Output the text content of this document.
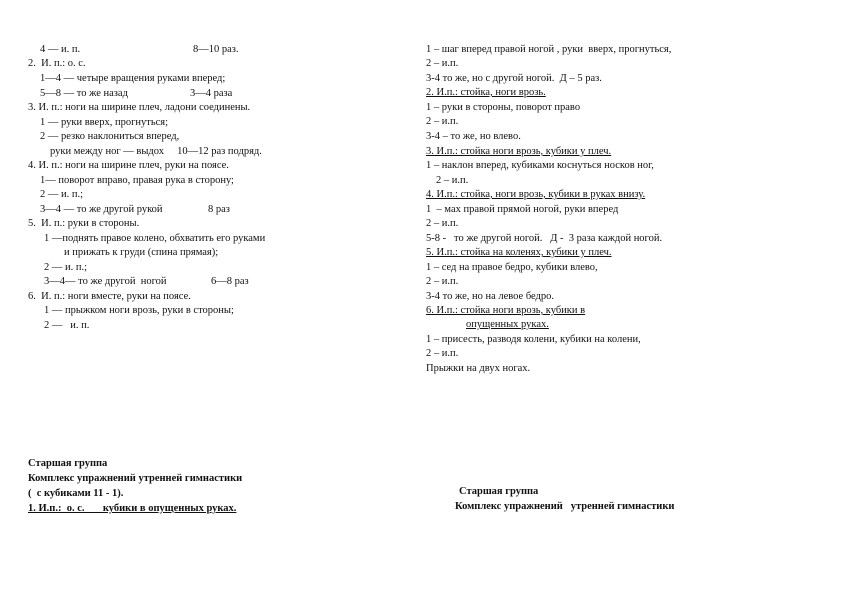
4 — и. п.	8—10 раз.
2.  И. п.: о. с.
1—4 — четыре вращения руками вперед;
5—8 — то же назад	3—4 раза
3. И. п.: ноги на ширине плеч, ладони соединены.
1 — руки вверх, прогнуться;
2 — резко наклониться вперед,
руки между ног — выдох     10—12 раз подряд.
4. И. п.: ноги на ширине плеч, руки на поясе.
1— поворот вправо, правая рука в сторону;
2 — и. п.;
3—4 — то же другой рукой	8 раз
5.  И. п.: руки в стороны.
1 —поднять правое колено, обхватить его руками
и прижать к груди (спина прямая);
2 — и. п.;
3—4— то же другой  ногой	6—8 раз
6.  И. п.: ноги вместе, руки на поясе.
1 — прыжком ноги врозь, руки в стороны;
2 —   и. п.
Старшая группа
Комплекс упражнений утренней гимнастики
(  с кубиками 11 - 1).
1. И.п.:  о. с.       кубики в опущенных руках.
1 – шаг вперед правой ногой , руки  вверх, прогнуться,
2 – и.п.
3-4 то же, но с другой ногой.  Д – 5 раз.
2. И.п.: стойка, ноги врозь.
1 – руки в стороны, поворот право
2 – и.п.
3-4 – то же, но влево.
3. И.п.: стойка ноги врозь, кубики у плеч.
1 – наклон вперед, кубиками коснуться носков ног,
2 – и.п.
4. И.п.: стойка, ноги врозь, кубики в руках внизу.
1  – мах правой прямой ногой, руки вперед
2 – и.п.
5-8 -   то же другой ногой.   Д -  3 раза каждой ногой.
5. И.п.: стойка на коленях, кубики у плеч.
1 – сед на правое бедро, кубики влево,
2 – и.п.
3-4 то же, но на левое бедро.
6. И.п.: стойка ноги врозь, кубики в
опущенных руках.
1 – присесть, разводя колени, кубики на колени,
2 – и.п.
Прыжки на двух ногах.
Старшая группа
Комплекс упражнений   утренней гимнастики
